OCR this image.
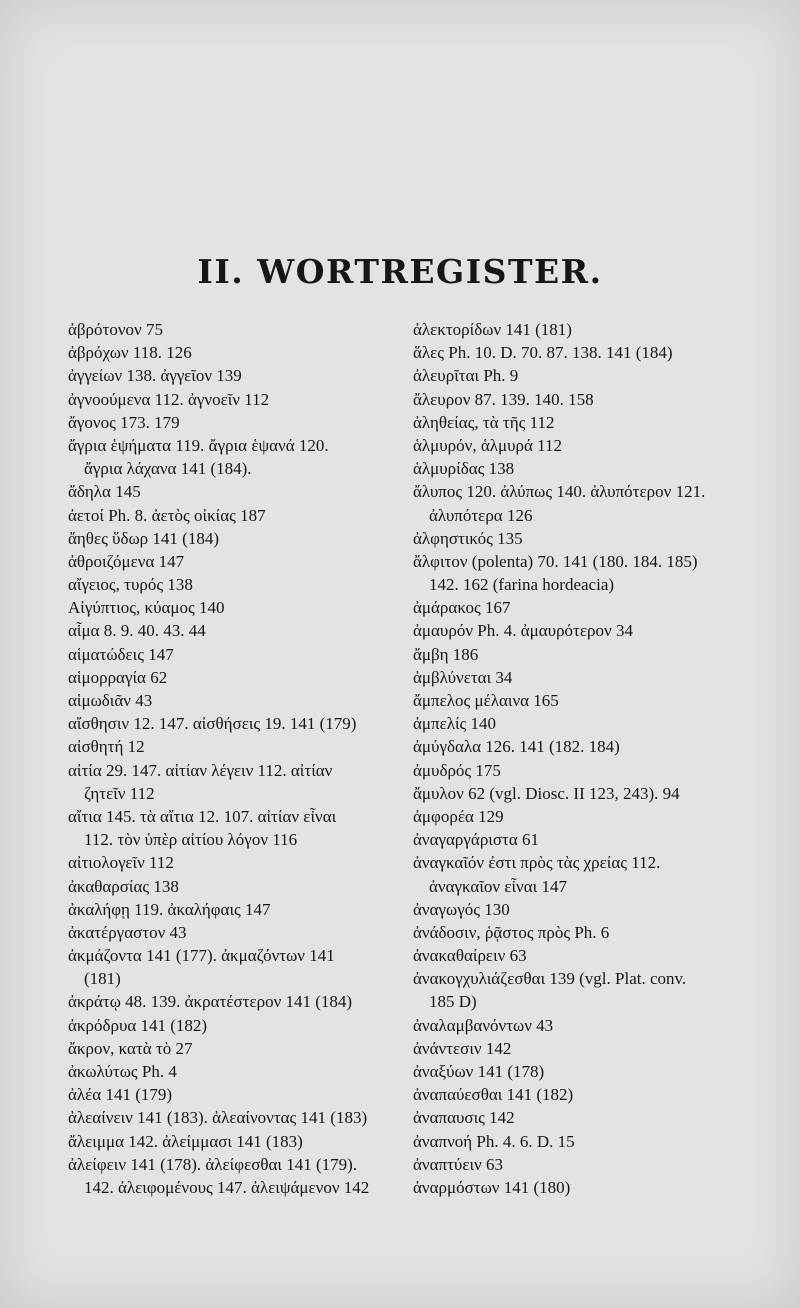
II. WORTREGISTER.
ἀβρότονον 75
ἀβρόχων 118. 126
ἀγγείων 138. ἀγγεῖον 139
ἀγνοούμενα 112. ἀγνοεῖν 112
ἄγονος 173. 179
ἄγρια ἑψήματα 119. ἄγρια ἑψανά 120.
ἄγρια λάχανα 141 (184).
ἄδηλα 145
ἀετοί Ph. 8. ἀετὸς οἰκίας 187
ἄηθες ὕδωρ 141 (184)
ἀθροιζόμενα 147
αἴγειος, τυρός 138
Αἰγύπτιος, κύαμος 140
αἷμα 8. 9. 40. 43. 44
αἱματώδεις 147
αἱμορραγία 62
αἱμωδιᾶν 43
αἴσθησιν 12. 147. αἰσθήσεις 19. 141 (179)
αἰσθητή 12
αἰτία 29. 147. αἰτίαν λέγειν 112. αἰτίαν
ζητεῖν 112
αἴτια 145. τὰ αἴτια 12. 107. αἰτίαν εἶναι
112. τὸν ὑπὲρ αἰτίου λόγον 116
αἰτιολογεῖν 112
ἀκαθαρσίας 138
ἀκαλήφῃ 119. ἀκαλήφαις 147
ἀκατέργαστον 43
ἀκμάζοντα 141 (177). ἀκμαζόντων 141
(181)
ἀκράτῳ 48. 139. ἀκρατέστερον 141 (184)
ἀκρόδρυα 141 (182)
ἄκρον, κατὰ τὸ 27
ἀκωλύτως Ph. 4
ἀλέα 141 (179)
ἀλεαίνειν 141 (183). ἀλεαίνοντας 141 (183)
ἄλειμμα 142. ἀλείμμασι 141 (183)
ἀλείφειν 141 (178). ἀλείφεσθαι 141 (179).
142. ἀλειφομένους 147. ἀλειψάμενον 142
ἀλεκτορίδων 141 (181)
ἅλες Ph. 10. D. 70. 87. 138. 141 (184)
ἀλευρῖται Ph. 9
ἄλευρον 87. 139. 140. 158
ἀληθείας, τὰ τῆς 112
ἁλμυρόν, ἁλμυρά 112
ἁλμυρίδας 138
ἄλυπος 120. ἀλύπως 140. ἀλυπότερον 121.
ἀλυπότερα 126
ἀλφηστικός 135
ἄλφιτον (polenta) 70. 141 (180. 184. 185)
142. 162 (farina hordeacia)
ἀμάρακος 167
ἀμαυρόν Ph. 4. ἀμαυρότερον 34
ἄμβη 186
ἀμβλύνεται 34
ἄμπελος μέλαινα 165
ἀμπελίς 140
ἀμύγδαλα 126. 141 (182. 184)
ἀμυδρός 175
ἄμυλον 62 (vgl. Diosc. II 123, 243). 94
ἀμφορέα 129
ἀναγαργάριστα 61
ἀναγκαῖόν ἐστι πρὸς τὰς χρείας 112.
ἀναγκαῖον εἶναι 147
ἀναγωγός 130
ἀνάδοσιν, ῥᾷστος πρὸς Ph. 6
ἀνακαθαίρειν 63
ἀνακογχυλιάζεσθαι 139 (vgl. Plat. conv.
185 D)
ἀναλαμβανόντων 43
ἀνάντεσιν 142
ἀναξύων 141 (178)
ἀναπαύεσθαι 141 (182)
ἀναπαυσις 142
ἀναπνοή Ph. 4. 6. D. 15
ἀναπτύειν 63
ἀναρμόστων 141 (180)
